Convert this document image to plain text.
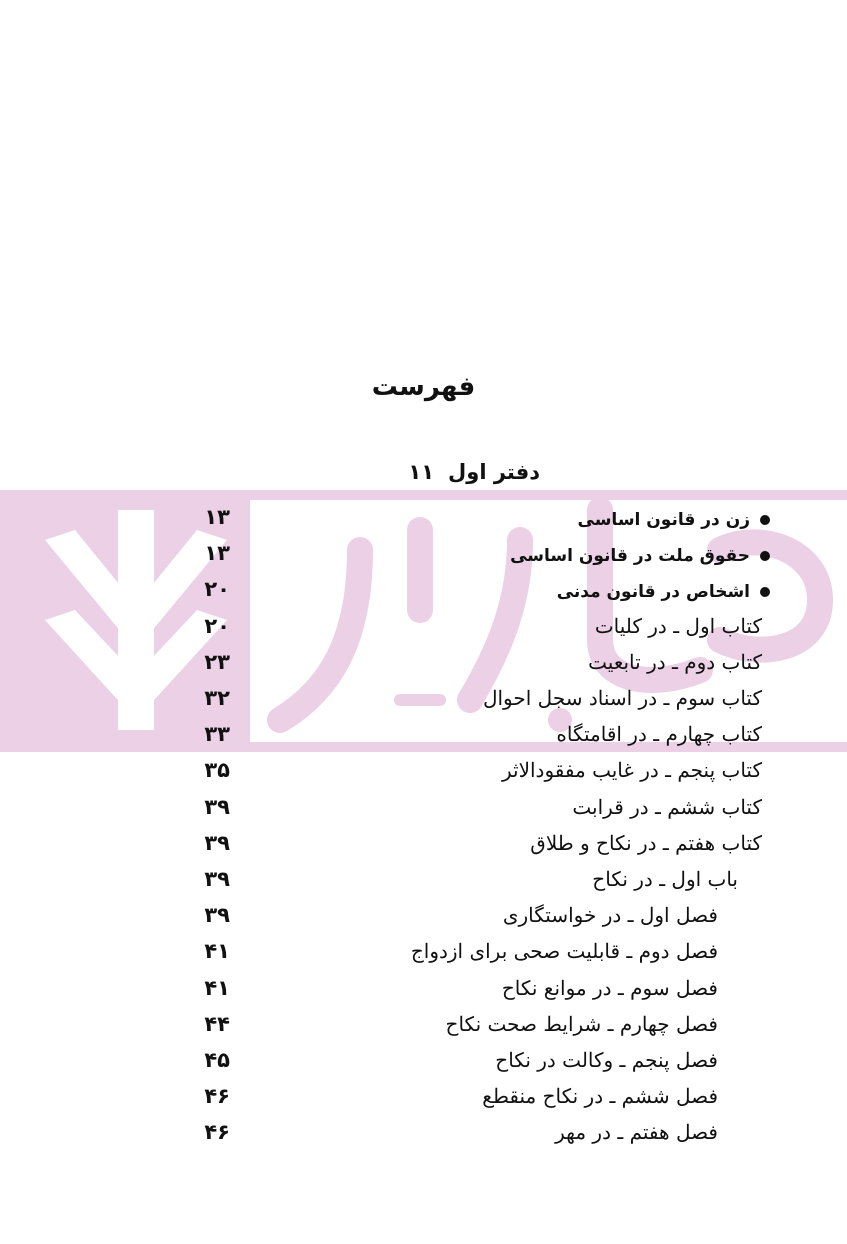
فهرست
دفتر اول۱۱
۱۳	زن در قانون اساسی
۱۳	حقوق ملت در قانون اساسی
۲۰	اشخاص در قانون مدنی
۲۰	کتاب اول ـ در کلیات
۲۳	کتاب دوم ـ در تابعیت
۳۲	کتاب سوم ـ در اسناد سجل احوال
۳۳	کتاب چهارم ـ در اقامتگاه
۳۵	کتاب پنجم ـ در غایب مفقودالاثر
۳۹	کتاب ششم ـ در قرابت
۳۹	کتاب هفتم ـ در نکاح و طلاق
۳۹	باب اول ـ در نکاح
۳۹	فصل اول ـ در خواستگاری
۴۱	فصل دوم ـ قابلیت صحی برای ازدواج
۴۱	فصل سوم ـ در موانع نکاح
۴۴	فصل چهارم ـ شرایط صحت نکاح
۴۵	فصل پنجم ـ وکالت در نکاح
۴۶	فصل ششم ـ در نکاح منقطع
۴۶	فصل هفتم ـ در مهر
